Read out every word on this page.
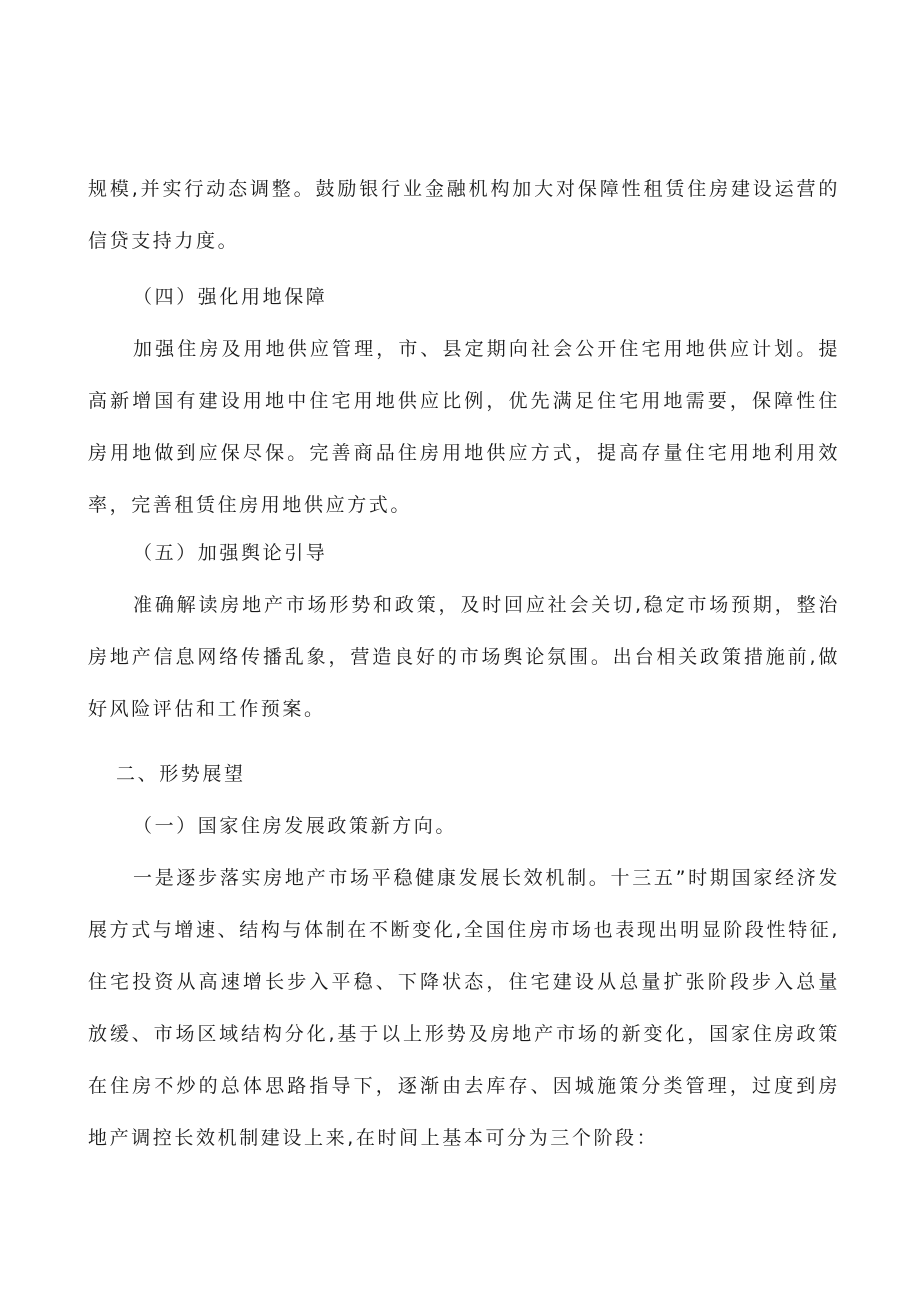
规模,并实行动态调整。鼓励银行业金融机构加大对保障性租赁住房建设运营的信贷支持力度。

（四）强化用地保障

加强住房及用地供应管理，市、县定期向社会公开住宅用地供应计划。提高新增国有建设用地中住宅用地供应比例，优先满足住宅用地需要，保障性住房用地做到应保尽保。完善商品住房用地供应方式，提高存量住宅用地利用效率，完善租赁住房用地供应方式。

（五）加强舆论引导

准确解读房地产市场形势和政策，及时回应社会关切,稳定市场预期，整治房地产信息网络传播乱象，营造良好的市场舆论氛围。出台相关政策措施前,做好风险评估和工作预案。

二、形势展望

（一）国家住房发展政策新方向。

一是逐步落实房地产市场平稳健康发展长效机制。十三五”时期国家经济发展方式与增速、结构与体制在不断变化,全国住房市场也表现出明显阶段性特征,住宅投资从高速增长步入平稳、下降状态，住宅建设从总量扩张阶段步入总量放缓、市场区域结构分化,基于以上形势及房地产市场的新变化，国家住房政策在住房不炒的总体思路指导下，逐渐由去库存、因城施策分类管理，过度到房地产调控长效机制建设上来,在时间上基本可分为三个阶段：
